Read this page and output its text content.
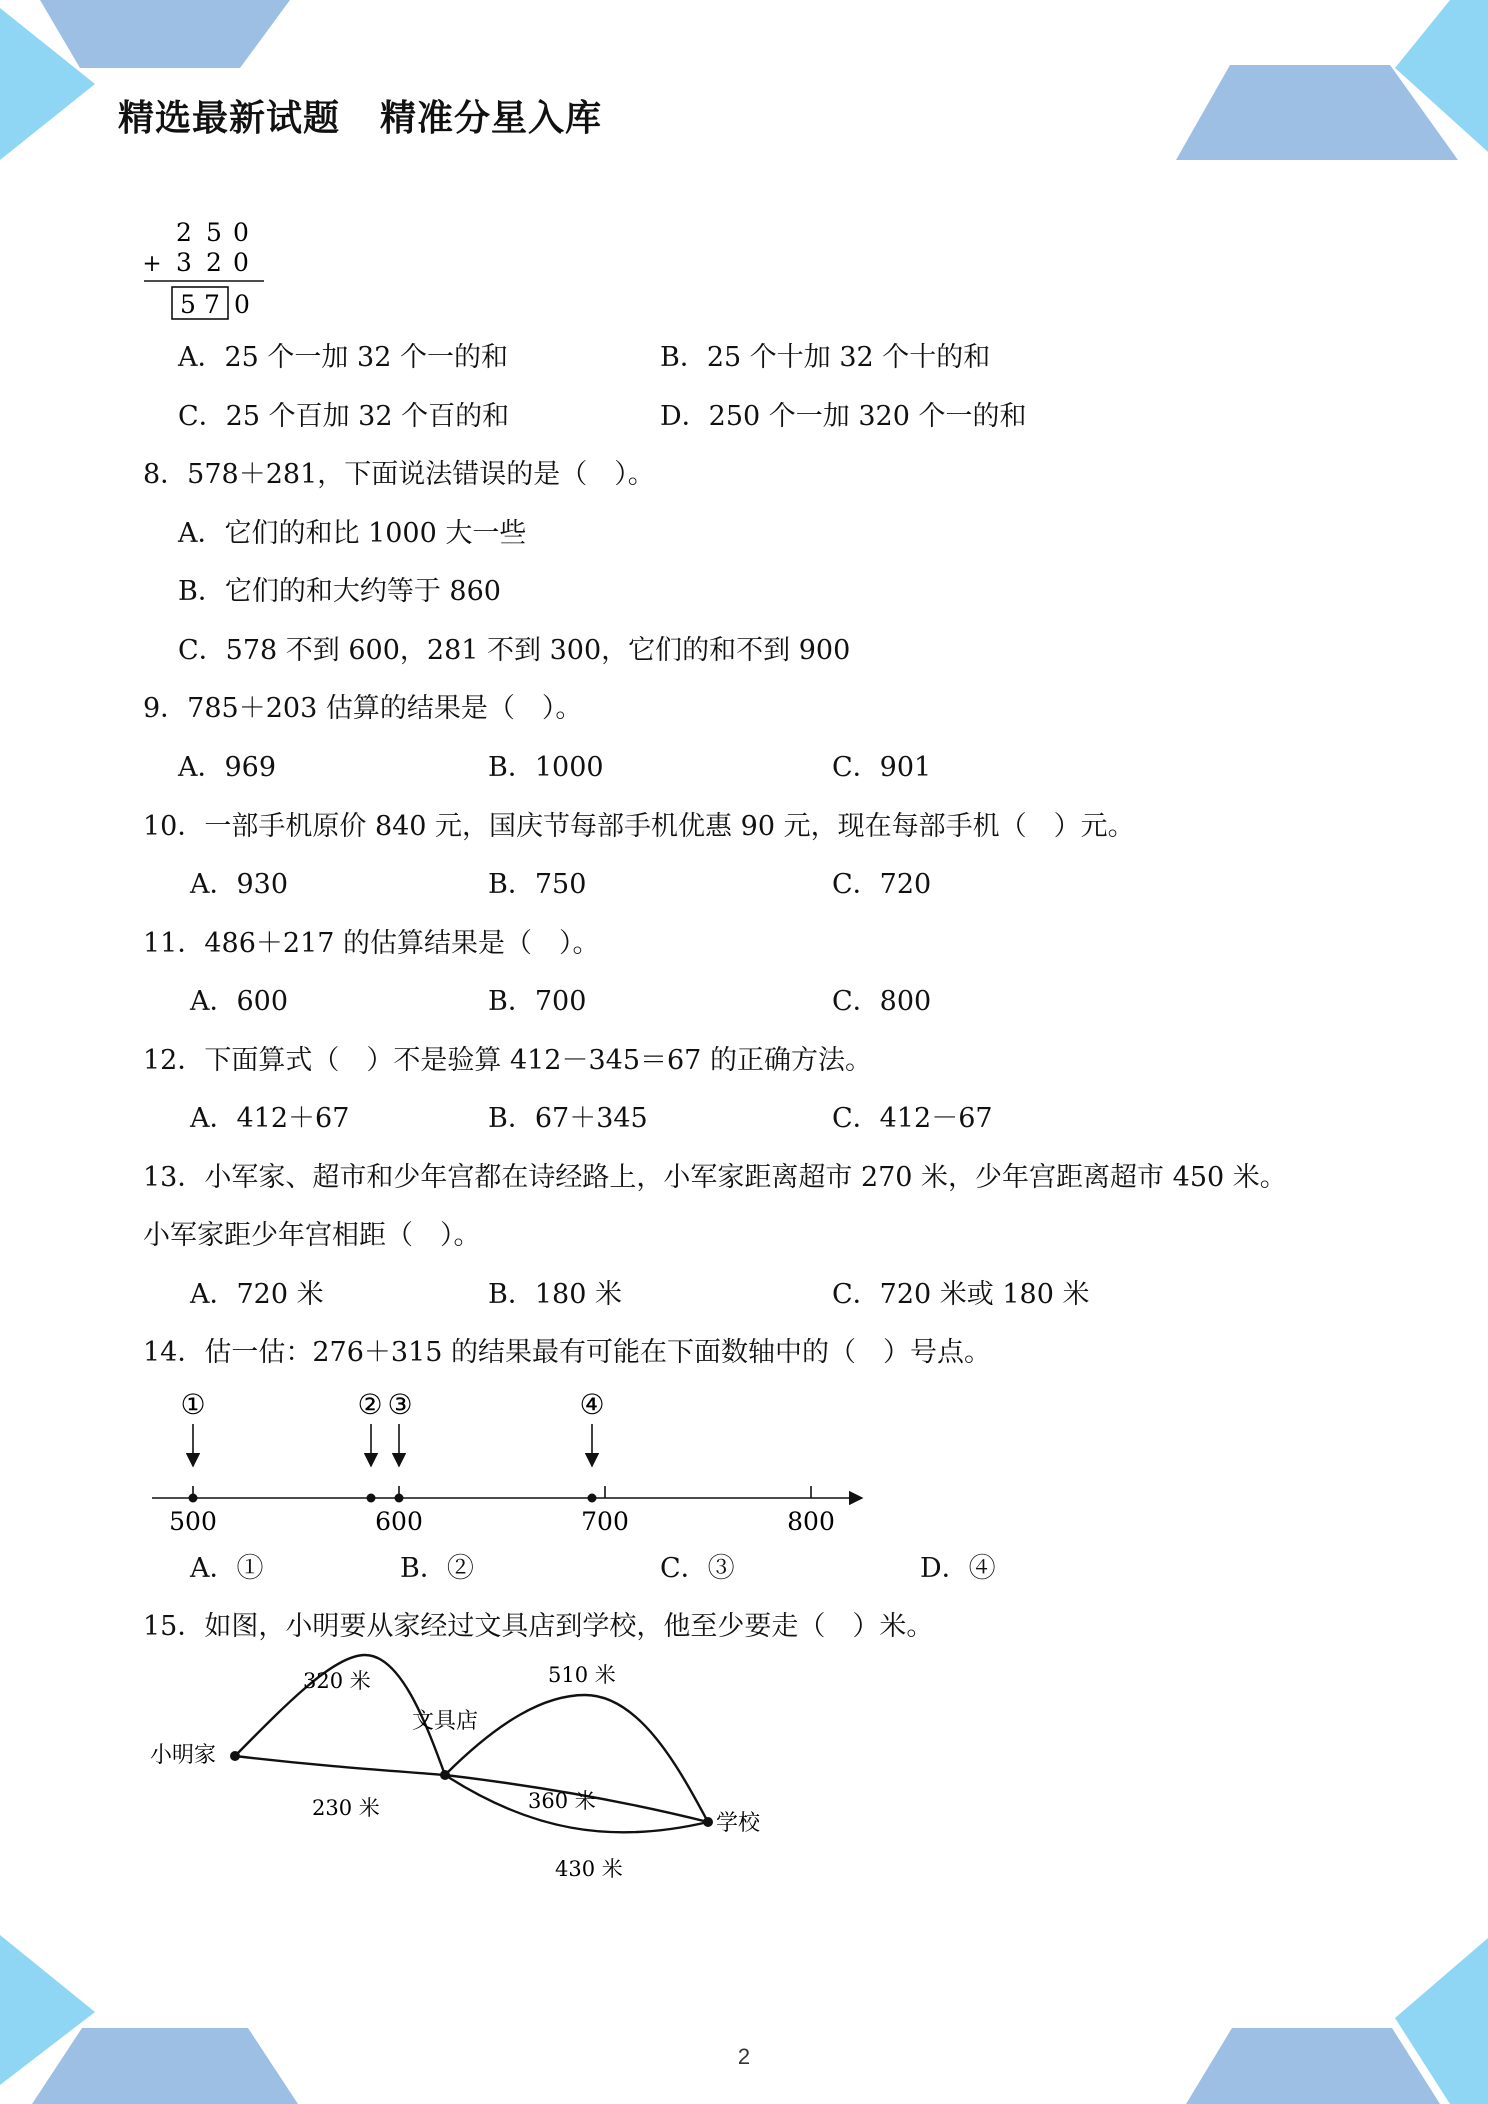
精选最新试题 精准分星入库
2 5 0
+ 3 2 0
5 7 0
A．25 个一加 32 个一的和	B．25 个十加 32 个十的和
C．25 个百加 32 个百的和	D．250 个一加 320 个一的和
8．578＋281，下面说法错误的是（　）。
A．它们的和比 1000 大一些
B．它们的和大约等于 860
C．578 不到 600，281 不到 300，它们的和不到 900
9．785＋203 估算的结果是（　）。
A．969	B．1000	C．901
10．一部手机原价 840 元，国庆节每部手机优惠 90 元，现在每部手机（　）元。
A．930	B．750	C．720
11．486＋217 的估算结果是（　）。
A．600	B．700	C．800
12．下面算式（　）不是验算 412－345＝67 的正确方法。
A．412＋67	B．67＋345	C．412－67
13．小军家、超市和少年宫都在诗经路上，小军家距离超市 270 米，少年宫距离超市 450 米。
小军家距少年宫相距（　）。
A．720 米	B．180 米	C．720 米或 180 米
14．估一估：276＋315 的结果最有可能在下面数轴中的（　）号点。
①	② ③	④
500	600	700	800
小明家
文具店
学校
320 米
230 米
510 米
360 米
430 米
A．①	B．②	C．③	D．④
15．如图，小明要从家经过文具店到学校，他至少要走（　）米。
2
